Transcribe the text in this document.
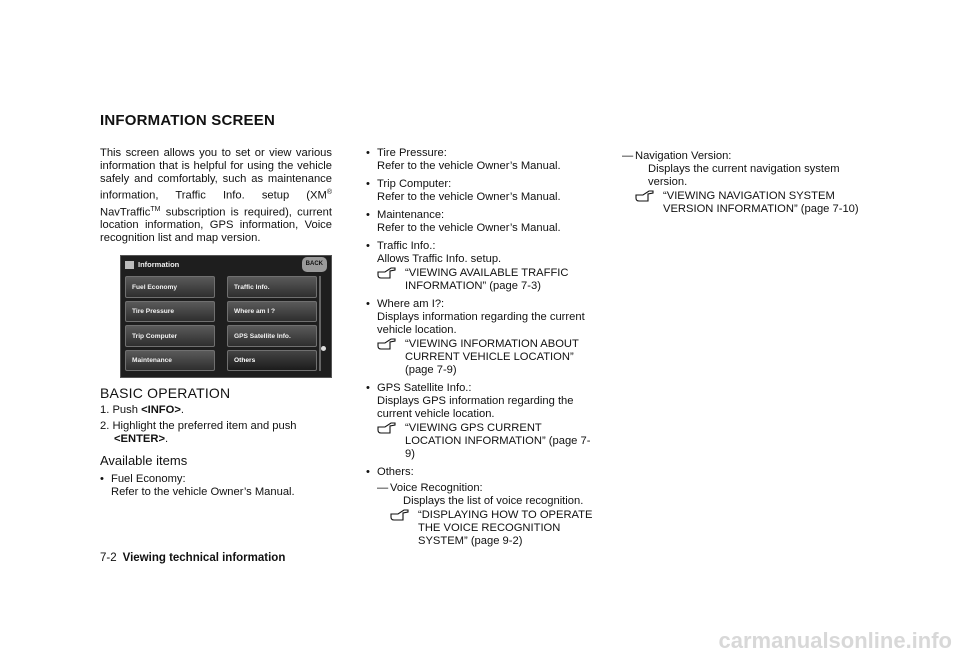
INFORMATION SCREEN

This screen allows you to set or view various information that is helpful for using the vehicle safely and comfortably, such as maintenance information, Traffic Info. setup (XM® NavTraffic™ subscription is required), current location information, GPS information, Voice recognition list and map version.

Information	BACK
Fuel Economy
Tire Pressure
Trip Computer
Maintenance
Traffic Info.
Where am I ?
GPS Satellite Info.
Others
BASIC OPERATION
1. Push <INFO>.
2. Highlight the preferred item and push <ENTER>.
Available items
• Fuel Economy:
Refer to the vehicle Owner’s Manual.
• Tire Pressure:
Refer to the vehicle Owner’s Manual.
• Trip Computer:
Refer to the vehicle Owner’s Manual.
• Maintenance:
Refer to the vehicle Owner’s Manual.
• Traffic Info.:
Allows Traffic Info. setup.
“VIEWING AVAILABLE TRAFFIC INFORMATION” (page 7-3)
• Where am I?:
Displays information regarding the current vehicle location.
“VIEWING INFORMATION ABOUT CURRENT VEHICLE LOCATION” (page 7-9)
• GPS Satellite Info.:
Displays GPS information regarding the current vehicle location.
“VIEWING GPS CURRENT LOCATION INFORMATION” (page 7-9)
• Others:
— Voice Recognition:
Displays the list of voice recognition.
“DISPLAYING HOW TO OPERATE THE VOICE RECOGNITION SYSTEM” (page 9-2)
— Navigation Version:
Displays the current navigation system version.
“VIEWING NAVIGATION SYSTEM VERSION INFORMATION” (page 7-10)
7-2 Viewing technical information
carmanualsonline.info
